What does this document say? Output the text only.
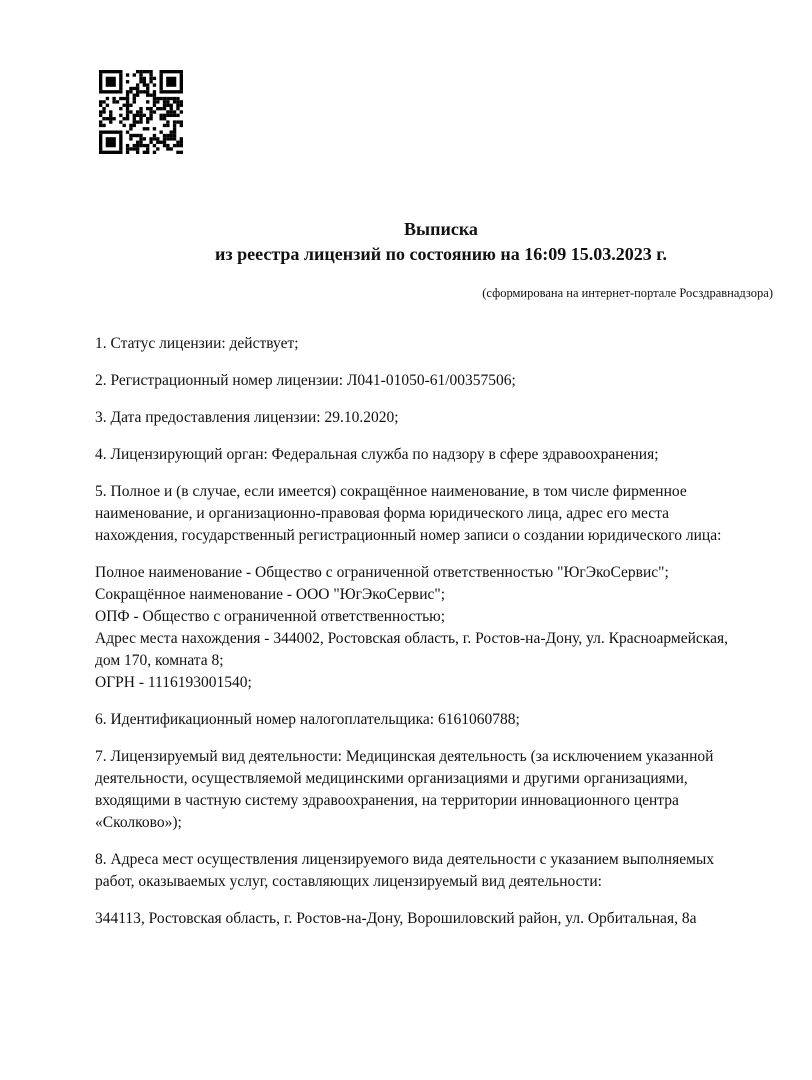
Выписка
из реестра лицензий по состоянию на 16:09 15.03.2023 г.
(сформирована на интернет-портале Росздравнадзора)

1. Статус лицензии: действует;

2. Регистрационный номер лицензии: Л041-01050-61/00357506;

3. Дата предоставления лицензии: 29.10.2020;

4. Лицензирующий орган: Федеральная служба по надзору в сфере здравоохранения;

5. Полное и (в случае, если имеется) сокращённое наименование, в том числе фирменное наименование, и организационно-правовая форма юридического лица, адрес его места нахождения, государственный регистрационный номер записи о создании юридического лица:

Полное наименование - Общество с ограниченной ответственностью "ЮгЭкоСервис";
Сокращённое наименование - ООО "ЮгЭкоСервис";
ОПФ - Общество с ограниченной ответственностью;
Адрес места нахождения - 344002, Ростовская область, г. Ростов-на-Дону, ул. Красноармейская, дом 170, комната 8;
ОГРН - 1116193001540;

6. Идентификационный номер налогоплательщика: 6161060788;

7. Лицензируемый вид деятельности: Медицинская деятельность (за исключением указанной деятельности, осуществляемой медицинскими организациями и другими организациями, входящими в частную систему здравоохранения, на территории инновационного центра «Сколково»);

8. Адреса мест осуществления лицензируемого вида деятельности с указанием выполняемых работ, оказываемых услуг, составляющих лицензируемый вид деятельности:

344113, Ростовская область, г. Ростов-на-Дону, Ворошиловский район, ул. Орбитальная, 8а
